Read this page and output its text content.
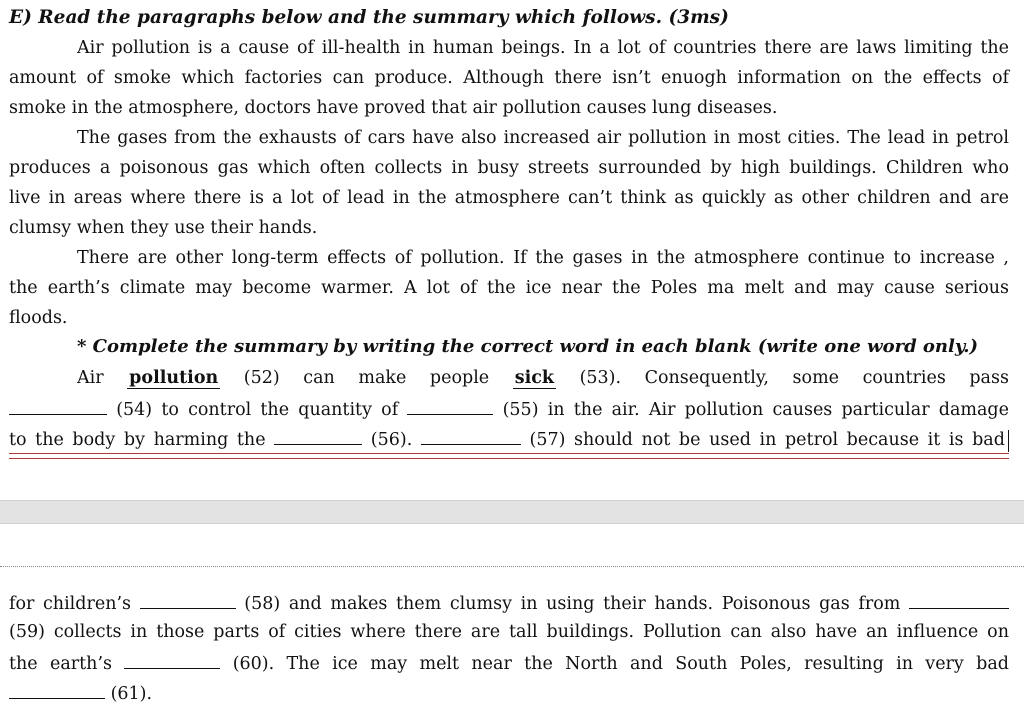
E) Read the paragraphs below and the summary which follows. (3ms)
Air pollution is a cause of ill-health in human beings. In a lot of countries there are laws limiting the
amount of smoke which factories can produce. Although there isn’t enuogh information on the effects of
smoke in the atmosphere, doctors have proved that air pollution causes lung diseases.
The gases from the exhausts of cars have also increased air pollution in most cities. The lead in petrol
produces a poisonous gas which often collects in busy streets surrounded by high buildings. Children who
live in areas where there is a lot of lead in the atmosphere can’t think as quickly as other children and are
clumsy when they use their hands.
There are other long-term effects of pollution. If the gases in the atmosphere continue to increase ,
the earth’s climate may become warmer. A lot of the ice near the Poles ma melt and may cause serious
floods.
* Complete the summary by writing the correct word in each blank (write one word only.)
Air pollution (52) can make people sick (53). Consequently, some countries pass
(54) to control the quantity of	(55) in the air. Air pollution causes particular damage
to the body by harming the	(56).	(57) should not be used in petrol because it is bad
for children’s	(58) and makes them clumsy in using their hands. Poisonous gas from
(59) collects in those parts of cities where there are tall buildings. Pollution can also have an influence on
the earth’s	(60). The ice may melt near the North and South Poles, resulting in very bad
(61).
